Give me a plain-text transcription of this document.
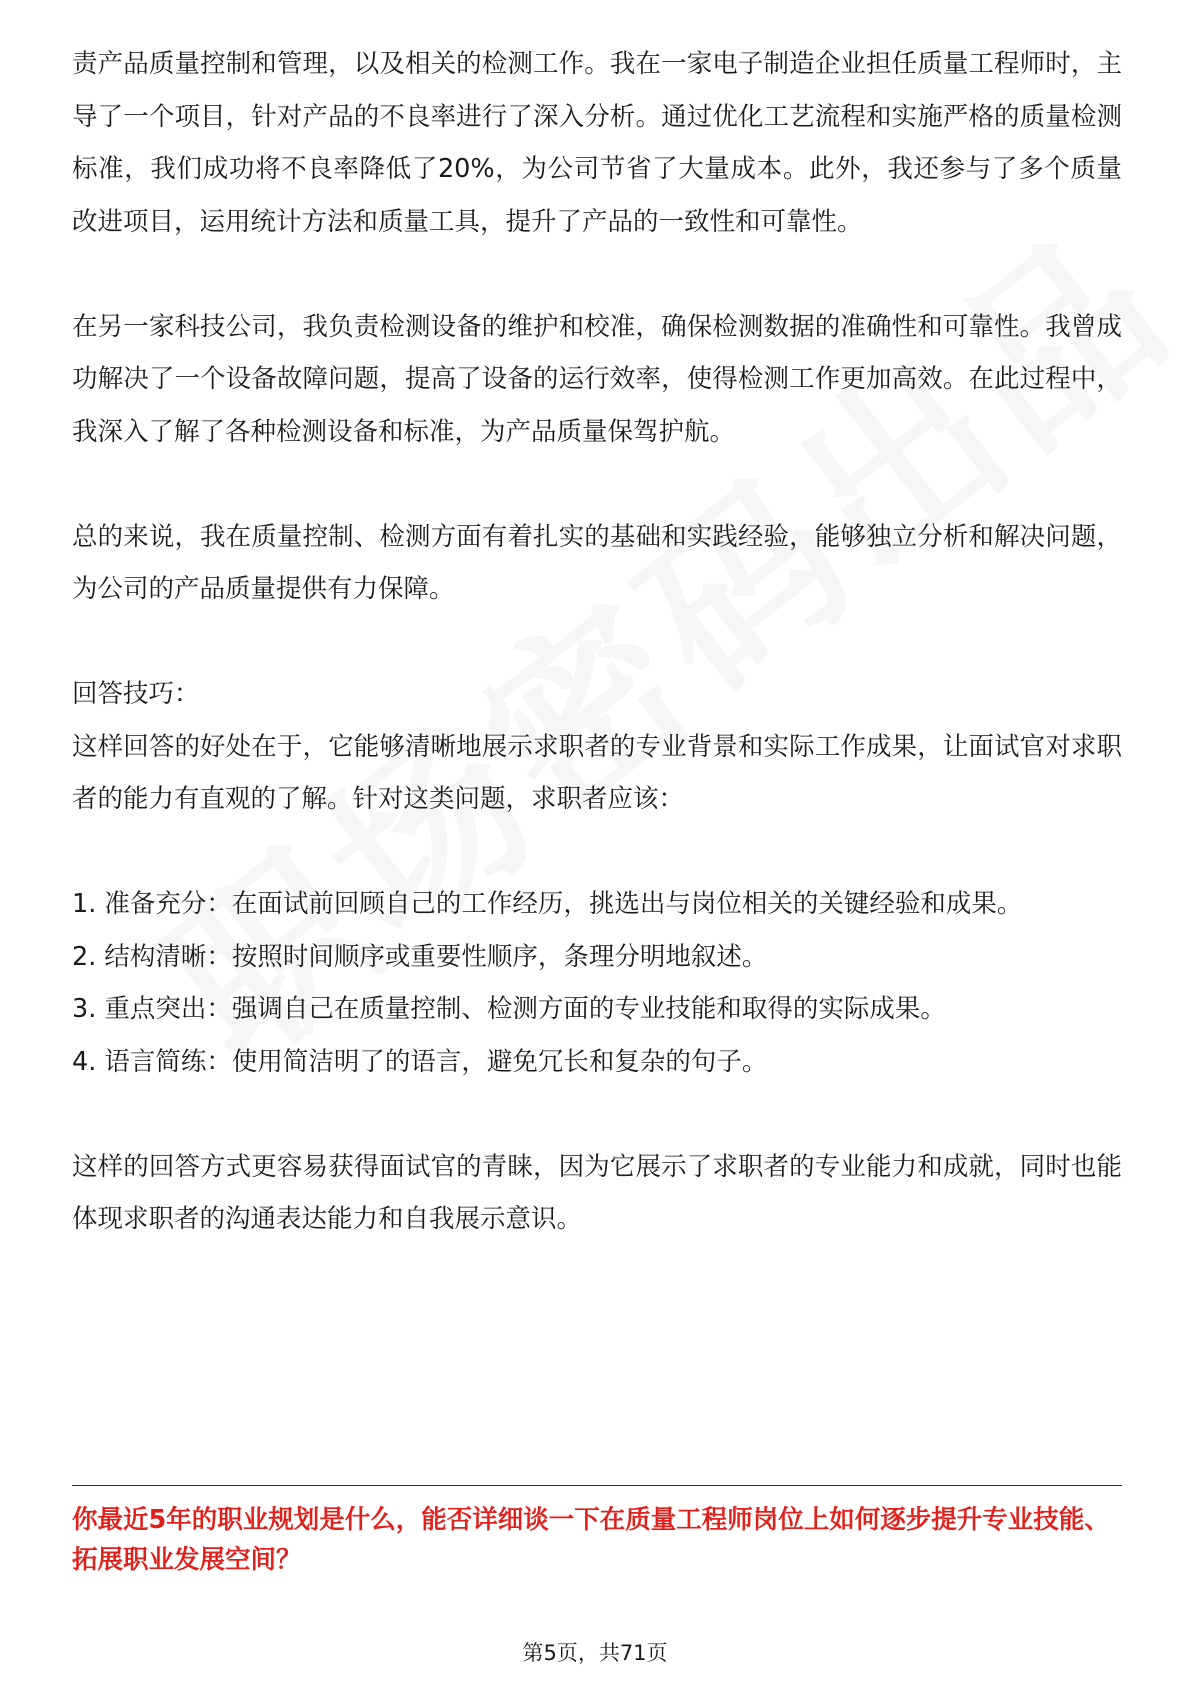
责产品质量控制和管理，以及相关的检测工作。我在一家电子制造企业担任质量工程师时，主导了一个项目，针对产品的不良率进行了深入分析。通过优化工艺流程和实施严格的质量检测标准，我们成功将不良率降低了20%，为公司节省了大量成本。此外，我还参与了多个质量改进项目，运用统计方法和质量工具，提升了产品的一致性和可靠性。

在另一家科技公司，我负责检测设备的维护和校准，确保检测数据的准确性和可靠性。我曾成功解决了一个设备故障问题，提高了设备的运行效率，使得检测工作更加高效。在此过程中，我深入了解了各种检测设备和标准，为产品质量保驾护航。

总的来说，我在质量控制、检测方面有着扎实的基础和实践经验，能够独立分析和解决问题，为公司的产品质量提供有力保障。

回答技巧：

这样回答的好处在于，它能够清晰地展示求职者的专业背景和实际工作成果，让面试官对求职者的能力有直观的了解。针对这类问题，求职者应该：

1. 准备充分：在面试前回顾自己的工作经历，挑选出与岗位相关的关键经验和成果。

2. 结构清晰：按照时间顺序或重要性顺序，条理分明地叙述。

3. 重点突出：强调自己在质量控制、检测方面的专业技能和取得的实际成果。

4. 语言简练：使用简洁明了的语言，避免冗长和复杂的句子。

这样的回答方式更容易获得面试官的青睐，因为它展示了求职者的专业能力和成就，同时也能体现求职者的沟通表达能力和自我展示意识。

你最近5年的职业规划是什么，能否详细谈一下在质量工程师岗位上如何逐步提升专业技能、拓展职业发展空间？

第5页，共71页
